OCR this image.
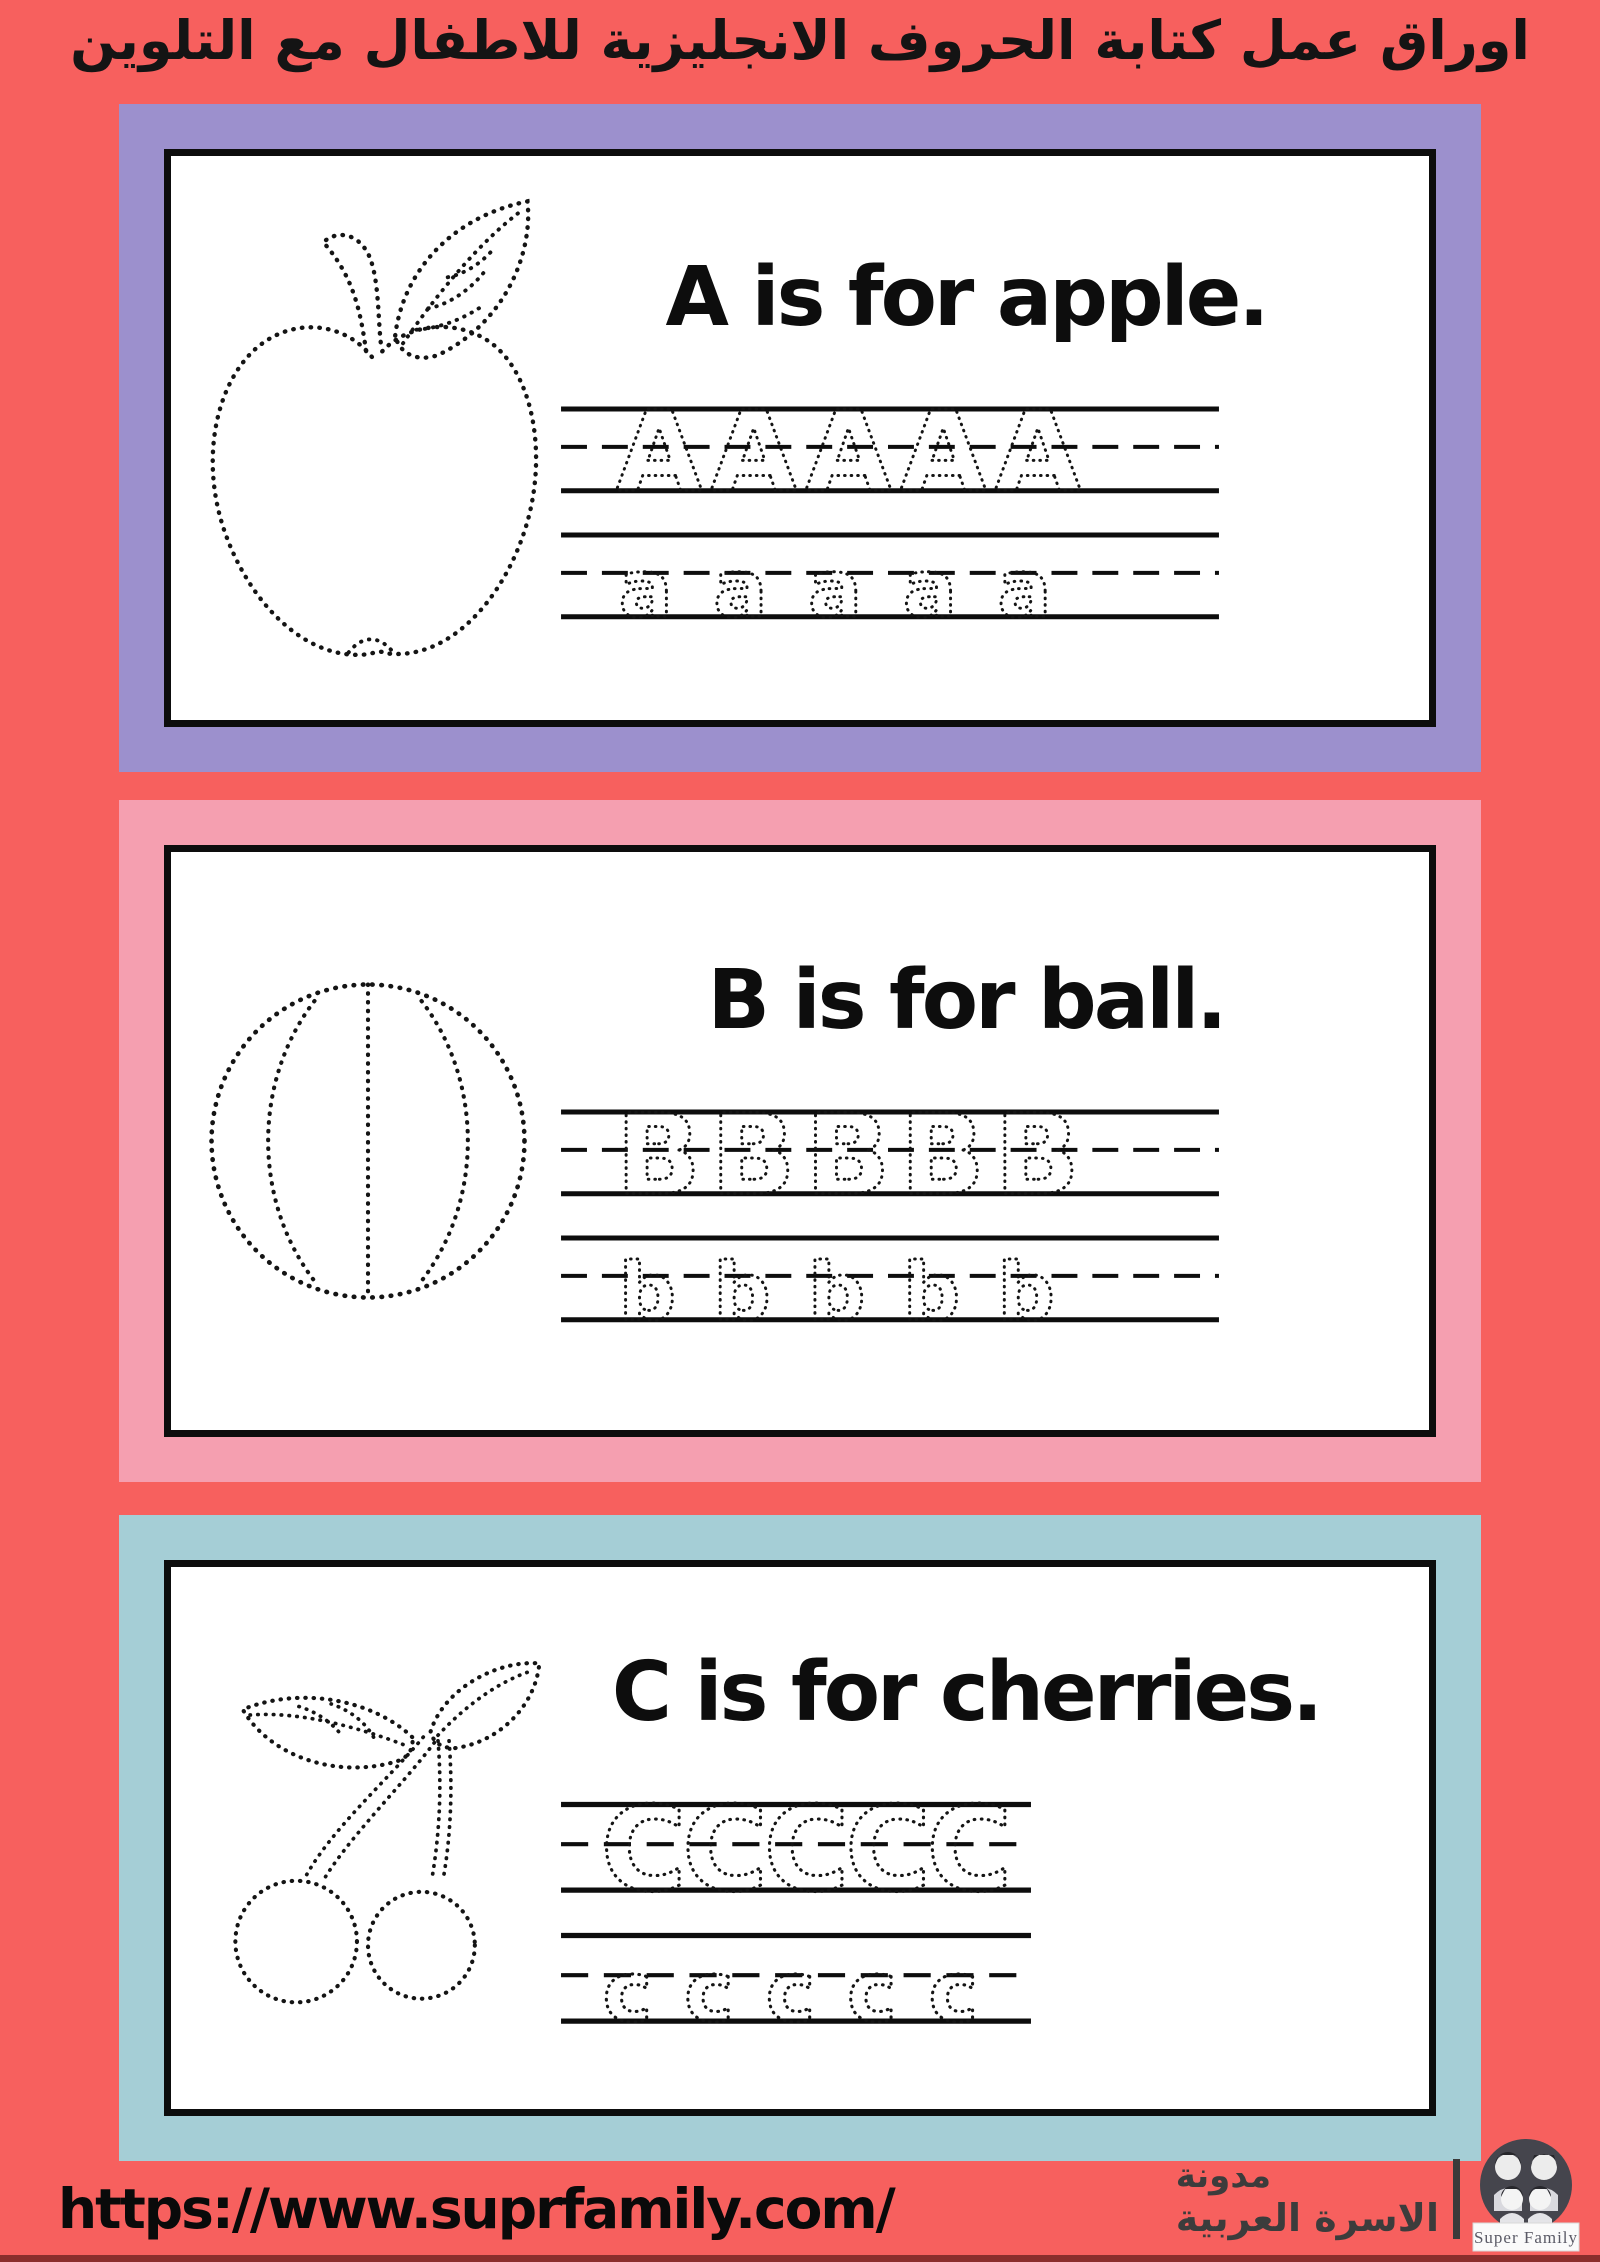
اوراق عمل كتابة الحروف الانجليزية للاطفال مع التلوين
A is for apple.
A A A A A
a a a a a
B is for ball.
B B B B B
b b b b b
C is for cherries.
C
C
C
C
C
c c c c c
https://www.suprfamily.com/
مدونة
الاسرة العربية Super Family
